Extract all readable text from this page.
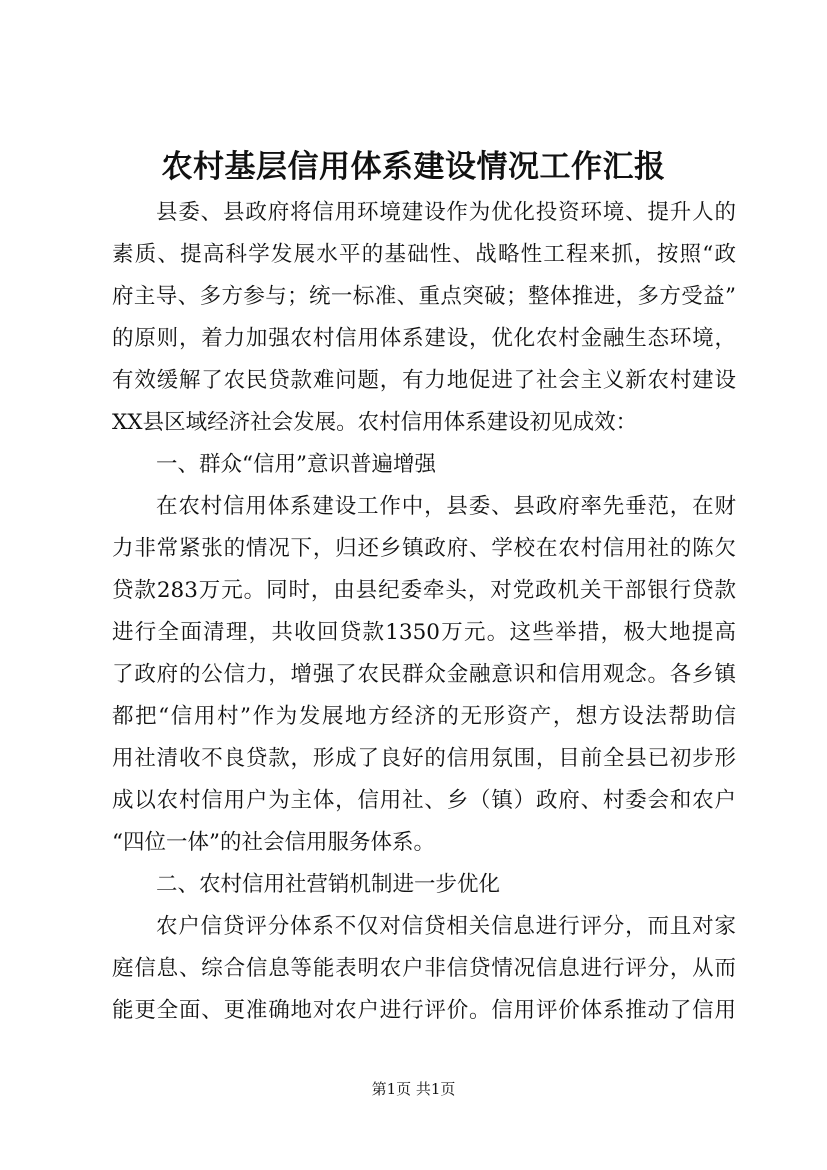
农村基层信用体系建设情况工作汇报
县委、县政府将信用环境建设作为优化投资环境、提升人的
素质、提高科学发展水平的基础性、战略性工程来抓，按照“政
府主导、多方参与；统一标准、重点突破；整体推进，多方受益”
的原则，着力加强农村信用体系建设，优化农村金融生态环境，
有效缓解了农民贷款难问题，有力地促进了社会主义新农村建设
XX县区域经济社会发展。农村信用体系建设初见成效：
一、群众“信用”意识普遍增强
在农村信用体系建设工作中，县委、县政府率先垂范，在财
力非常紧张的情况下，归还乡镇政府、学校在农村信用社的陈欠
贷款283万元。同时，由县纪委牵头，对党政机关干部银行贷款
进行全面清理，共收回贷款1350万元。这些举措，极大地提高
了政府的公信力，增强了农民群众金融意识和信用观念。各乡镇
都把“信用村”作为发展地方经济的无形资产，想方设法帮助信
用社清收不良贷款，形成了良好的信用氛围，目前全县已初步形
成以农村信用户为主体，信用社、乡（镇）政府、村委会和农户
“四位一体”的社会信用服务体系。
二、农村信用社营销机制进一步优化
农户信贷评分体系不仅对信贷相关信息进行评分，而且对家
庭信息、综合信息等能表明农户非信贷情况信息进行评分，从而
能更全面、更准确地对农户进行评价。信用评价体系推动了信用
第1页 共1页
